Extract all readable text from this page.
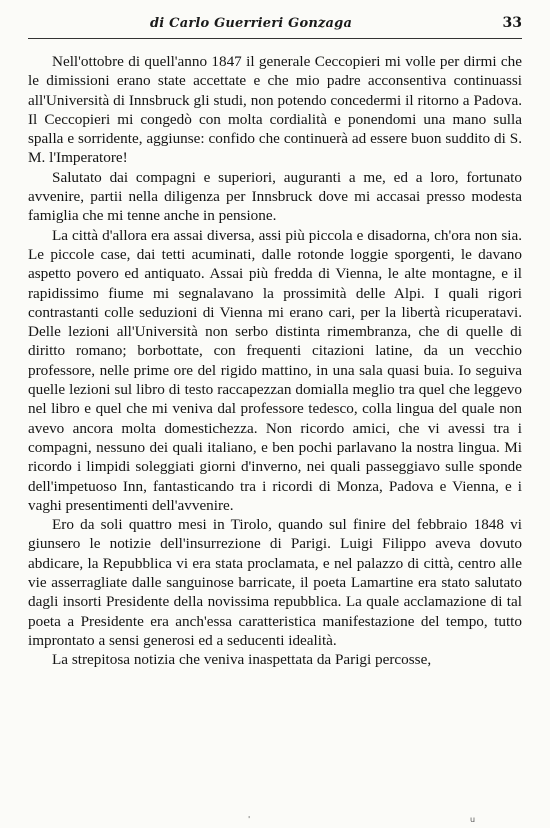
di Carlo Guerrieri Gonzaga	33

Nell'ottobre di quell'anno 1847 il generale Ceccopieri mi volle per dirmi che le dimissioni erano state accettate e che mio padre acconsentiva continuassi all'Università di Innsbruck gli studi, non potendo concedermi il ritorno a Padova. Il Ceccopieri mi congedò con molta cordialità e ponendomi una mano sulla spalla e sorridente, aggiunse: confido che continuerà ad essere buon suddito di S. M. l'Imperatore!

Salutato dai compagni e superiori, auguranti a me, ed a loro, fortunato avvenire, partii nella diligenza per Innsbruck dove mi accasai presso modesta famiglia che mi tenne anche in pensione.

La città d'allora era assai diversa, assi più piccola e disadorna, ch'ora non sia. Le piccole case, dai tetti acuminati, dalle rotonde loggie sporgenti, le davano aspetto povero ed antiquato. Assai più fredda di Vienna, le alte montagne, e il rapidissimo fiume mi segnalavano la prossimità delle Alpi. I quali rigori contrastanti colle seduzioni di Vienna mi erano cari, per la libertà ricuperatavi. Delle lezioni all'Università non serbo distinta rimembranza, che di quelle di diritto romano; borbottate, con frequenti citazioni latine, da un vecchio professore, nelle prime ore del rigido mattino, in una sala quasi buia. Io seguiva quelle lezioni sul libro di testo raccapezzan domialla meglio tra quel che leggevo nel libro e quel che mi veniva dal professore tedesco, colla lingua del quale non avevo ancora molta domestichezza. Non ricordo amici, che vi avessi tra i compagni, nessuno dei quali italiano, e ben pochi parlavano la nostra lingua. Mi ricordo i limpidi soleggiati giorni d'inverno, nei quali passeggiavo sulle sponde dell'impetuoso Inn, fantasticando tra i ricordi di Monza, Padova e Vienna, e i vaghi presentimenti dell'avvenire.

Ero da soli quattro mesi in Tirolo, quando sul finire del febbraio 1848 vi giunsero le notizie dell'insurrezione di Parigi. Luigi Filippo aveva dovuto abdicare, la Repubblica vi era stata proclamata, e nel palazzo di città, centro alle vie asserragliate dalle sanguinose barricate, il poeta Lamartine era stato salutato dagli insorti Presidente della novissima repubblica. La quale acclamazione di tal poeta a Presidente era anch'essa caratteristica manifestazione del tempo, tutto improntato a sensi generosi ed a seducenti idealità.

La strepitosa notizia che veniva inaspettata da Parigi percosse,

'	u
